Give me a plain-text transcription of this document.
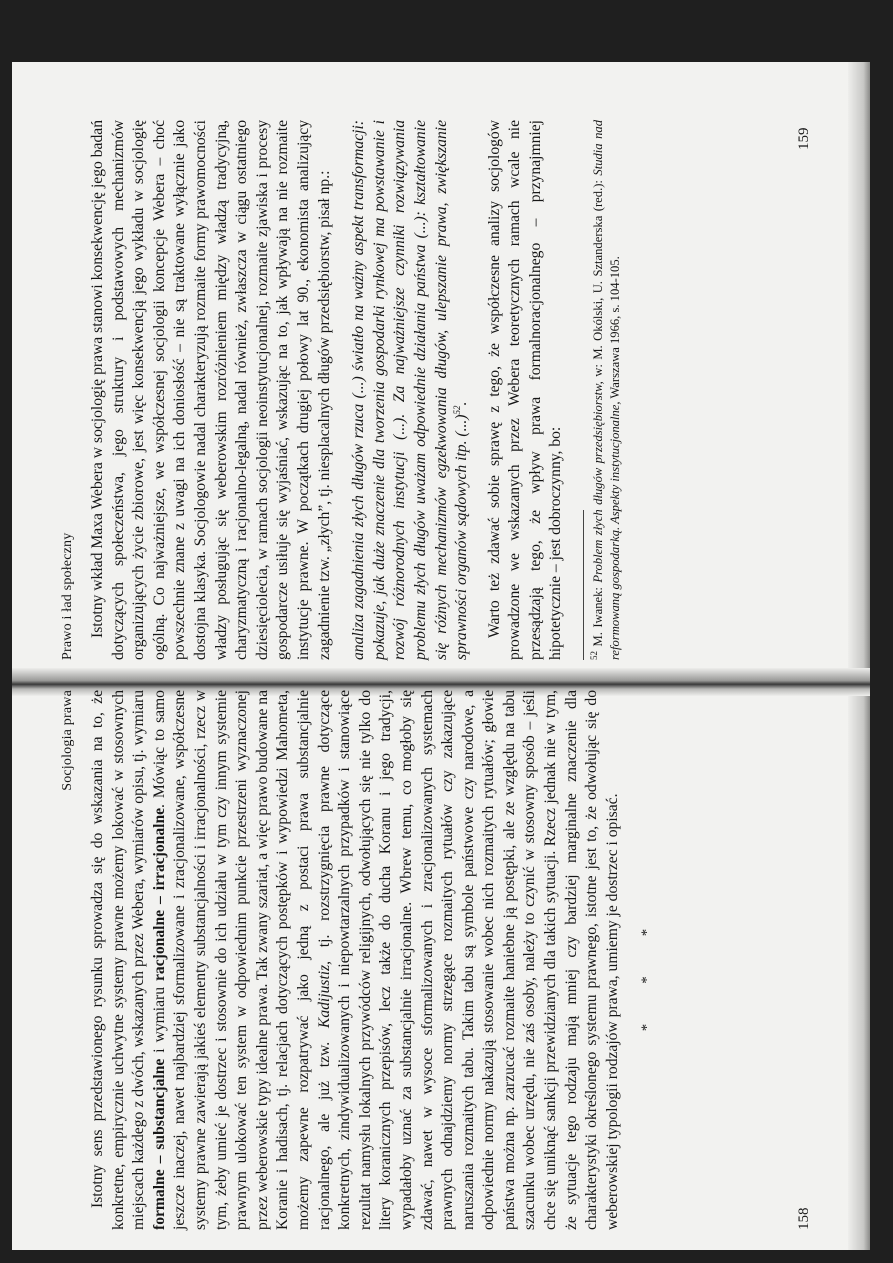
Prawo i ład społeczny Istotny wkład Maxa Webera w socjologię prawa stanowi konsekwencję jego badań dotyczących społeczeństwa, jego struktury i podstawowych mechanizmów organizujących życie zbiorowe, jest więc konsekwencją jego wykładu w socjologię ogólną. Co najważniejsze, we współczesnej socjologii koncepcje Webera – choć powszechnie znane z uwagi na ich doniosłość – nie są traktowane wyłącznie jako dostojna klasyka. Socjologowie nadal charakteryzują rozmaite formy prawomocności władzy posługując się weberowskim rozróżnieniem między władzą tradycyjną, charyzmatyczną i racjonalno-legalną, nadal również, zwłaszcza w ciągu ostatniego dziesięciolecia, w ramach socjologii neoinstytucjonalnej, rozmaite zjawiska i procesy gospodarcze usiłuje się wyjaśniać, wskazując na to, jak wpływają na nie rozmaite instytucje prawne. W początkach drugiej połowy lat 90., ekonomista analizujący zagadnienie tzw. „złych”, tj. niesplacalnych długów przedsiębiorstw, pisał np.: analiza zagadnienia złych długów rzuca (...) światło na ważny aspekt transformacji: pokazuje, jak duże znaczenie dla tworzenia gospodarki rynkowej ma powstawanie i rozwój różnorodnych instytucji (...). Za najważniejsze czynniki rozwiązywania problemu złych długów uważam odpowiednie działania państwa (...): kształtowanie się różnych mechanizmów egzekwowania długów, ulepszanie prawa, zwiększanie sprawności organów sądowych itp. (...)$^{52}$. Warto też zdawać sobie sprawę z tego, że współczesne analizy socjologów prowadzone we wskazanych przez Webera teoretycznych ramach wcale nie przesądzają tego, że wpływ prawa formalnoracjonalnego – przynajmniej hipotetycznie – jest dobroczynny, bo:	$^{52}$ M. Iwanek: Problem złych długów przedsiębiorstw, w: M. Okólski, U. Sztanderska (red.): Studia nad reformowaną gospodarką. Aspekty instytucjonalne, Warszawa 1966, s. 104-105.
159
Socjologia prawa Istotny sens przedstawionego rysunku sprowadza się do wskazania na to, że konkretne, empirycznie uchwytne systemy prawne możemy lokować w stosownych miejscach każdego z dwóch, wskazanych przez Webera, wymiarów opisu, tj. wymiaru formalne – substancjalne i wymiaru racjonalne – irracjonalne. Mówiąc to samo jeszcze inaczej, nawet najbardziej sformalizowane i zracjonalizowane, współczesne systemy prawne zawierają jakieś elementy substancjalności i irracjonalności, rzecz w tym, żeby umieć je dostrzec i stosownie do ich udziału w tym czy innym systemie prawnym ulokować ten system w odpowiednim punkcie przestrzeni wyznaczonej przez weberowskie typy idealne prawa. Tak zwany szariat, a więc prawo budowane na Koranie i hadisach, tj. relacjach dotyczących postępków i wypowiedzi Mahometa, możemy zapewne rozpatrywać jako jedną z postaci prawa substancjalnie racjonalnego, ale już tzw. Kadijustiz, tj. rozstrzygnięcia prawne dotyczące konkretnych, zindywidualizowanych i niepowtarzalnych przypadków i stanowiące rezultat namysłu lokalnych przywódców religijnych, odwołujących się nie tylko do litery koranicznych przepisów, lecz także do ducha Koranu i jego tradycji, wypadałoby uznać za substancjalnie irracjonalne. Wbrew temu, co mogłoby się zdawać, nawet w wysoce sformalizowanych i zracjonalizowanych systemach prawnych odnajdziemy normy strzegące rozmaitych rytuałów czy zakazujące naruszania rozmaitych tabu. Takim tabu są symbole państwowe czy narodowe, a odpowiednie normy nakazują stosowanie wobec nich rozmaitych rytuałów; głowie państwa można np. zarzucać rozmaite haniebne ją postępki, ale ze względu na tabu szacunku wobec urzędu, nie zaś osoby, należy to czynić w stosowny sposób – jeśli chce się uniknąć sankcji przewidzianych dla takich sytuacji. Rzecz jednak nie w tym, że sytuacje tego rodzaju mają mniej czy bardziej marginalne znaczenie dla charakterystyki określonego systemu prawnego, istotne jest to, że odwołując się do weberowskiej typologii rodzajów prawa, umiemy je dostrzec i opisać. ***
158
